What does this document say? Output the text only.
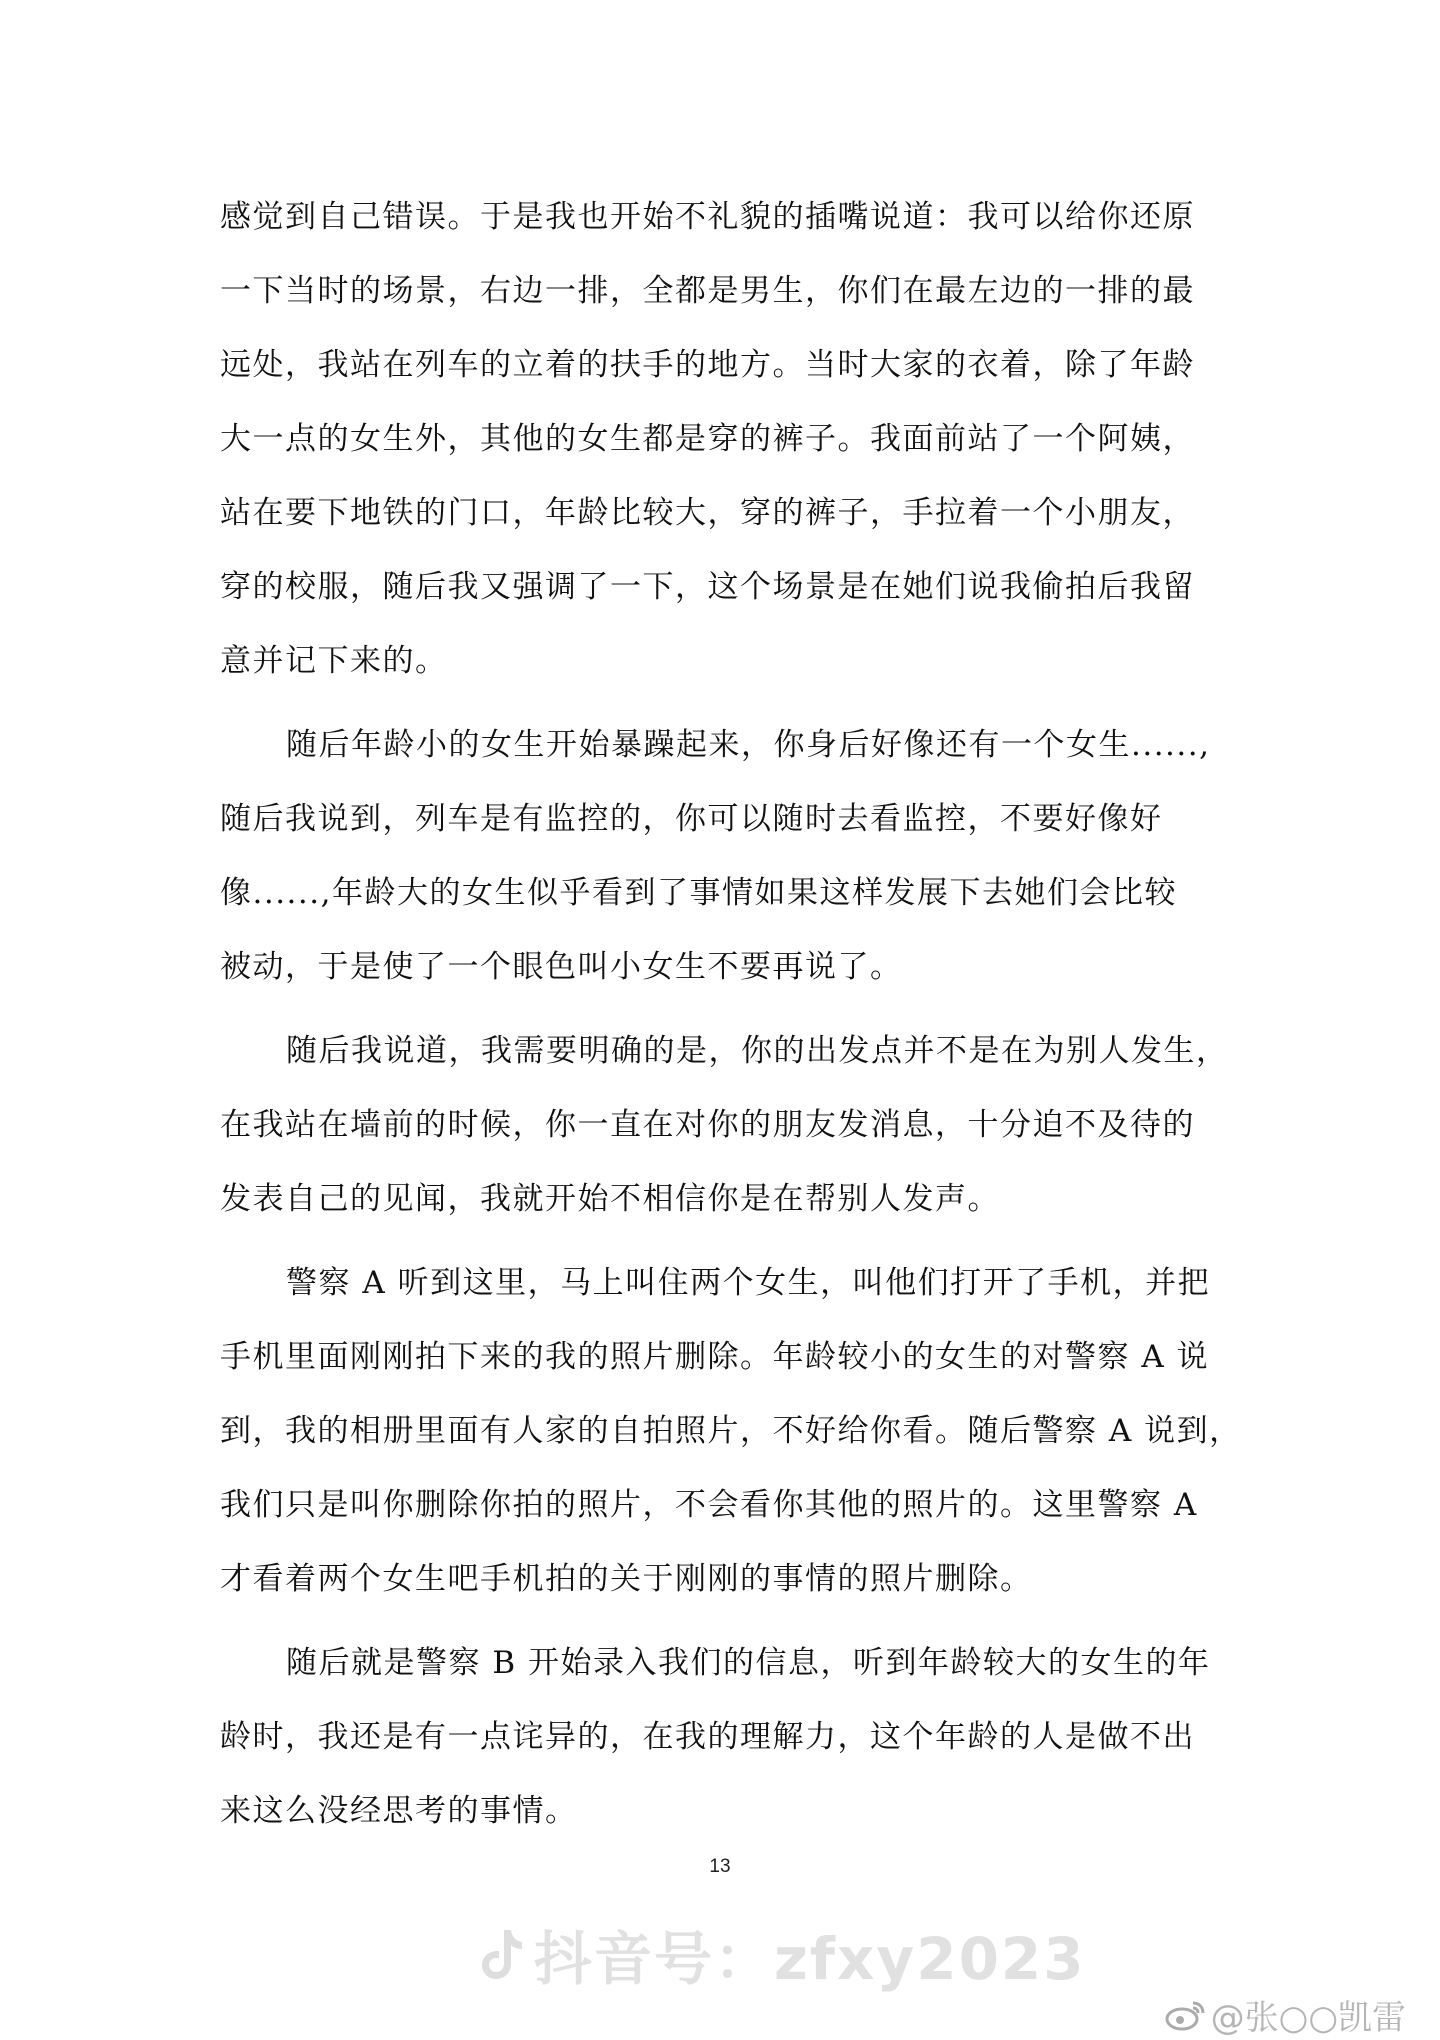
感觉到自己错误。于是我也开始不礼貌的插嘴说道：我可以给你还原
一下当时的场景，右边一排，全都是男生，你们在最左边的一排的最
远处，我站在列车的立着的扶手的地方。当时大家的衣着，除了年龄
大一点的女生外，其他的女生都是穿的裤子。我面前站了一个阿姨，
站在要下地铁的门口，年龄比较大，穿的裤子，手拉着一个小朋友，
穿的校服，随后我又强调了一下，这个场景是在她们说我偷拍后我留
意并记下来的。
随后年龄小的女生开始暴躁起来，你身后好像还有一个女生......,
随后我说到，列车是有监控的，你可以随时去看监控，不要好像好
像......,年龄大的女生似乎看到了事情如果这样发展下去她们会比较
被动，于是使了一个眼色叫小女生不要再说了。
随后我说道，我需要明确的是，你的出发点并不是在为别人发生，
在我站在墙前的时候，你一直在对你的朋友发消息，十分迫不及待的
发表自己的见闻，我就开始不相信你是在帮别人发声。
警察 A 听到这里，马上叫住两个女生，叫他们打开了手机，并把
手机里面刚刚拍下来的我的照片删除。年龄较小的女生的对警察 A 说
到，我的相册里面有人家的自拍照片，不好给你看。随后警察 A 说到，
我们只是叫你删除你拍的照片，不会看你其他的照片的。这里警察 A
才看着两个女生吧手机拍的关于刚刚的事情的照片删除。
随后就是警察 B 开始录入我们的信息，听到年龄较大的女生的年
龄时，我还是有一点诧异的，在我的理解力，这个年龄的人是做不出
来这么没经思考的事情。
13
抖音号：zfxy2023
@张○○凯雷
